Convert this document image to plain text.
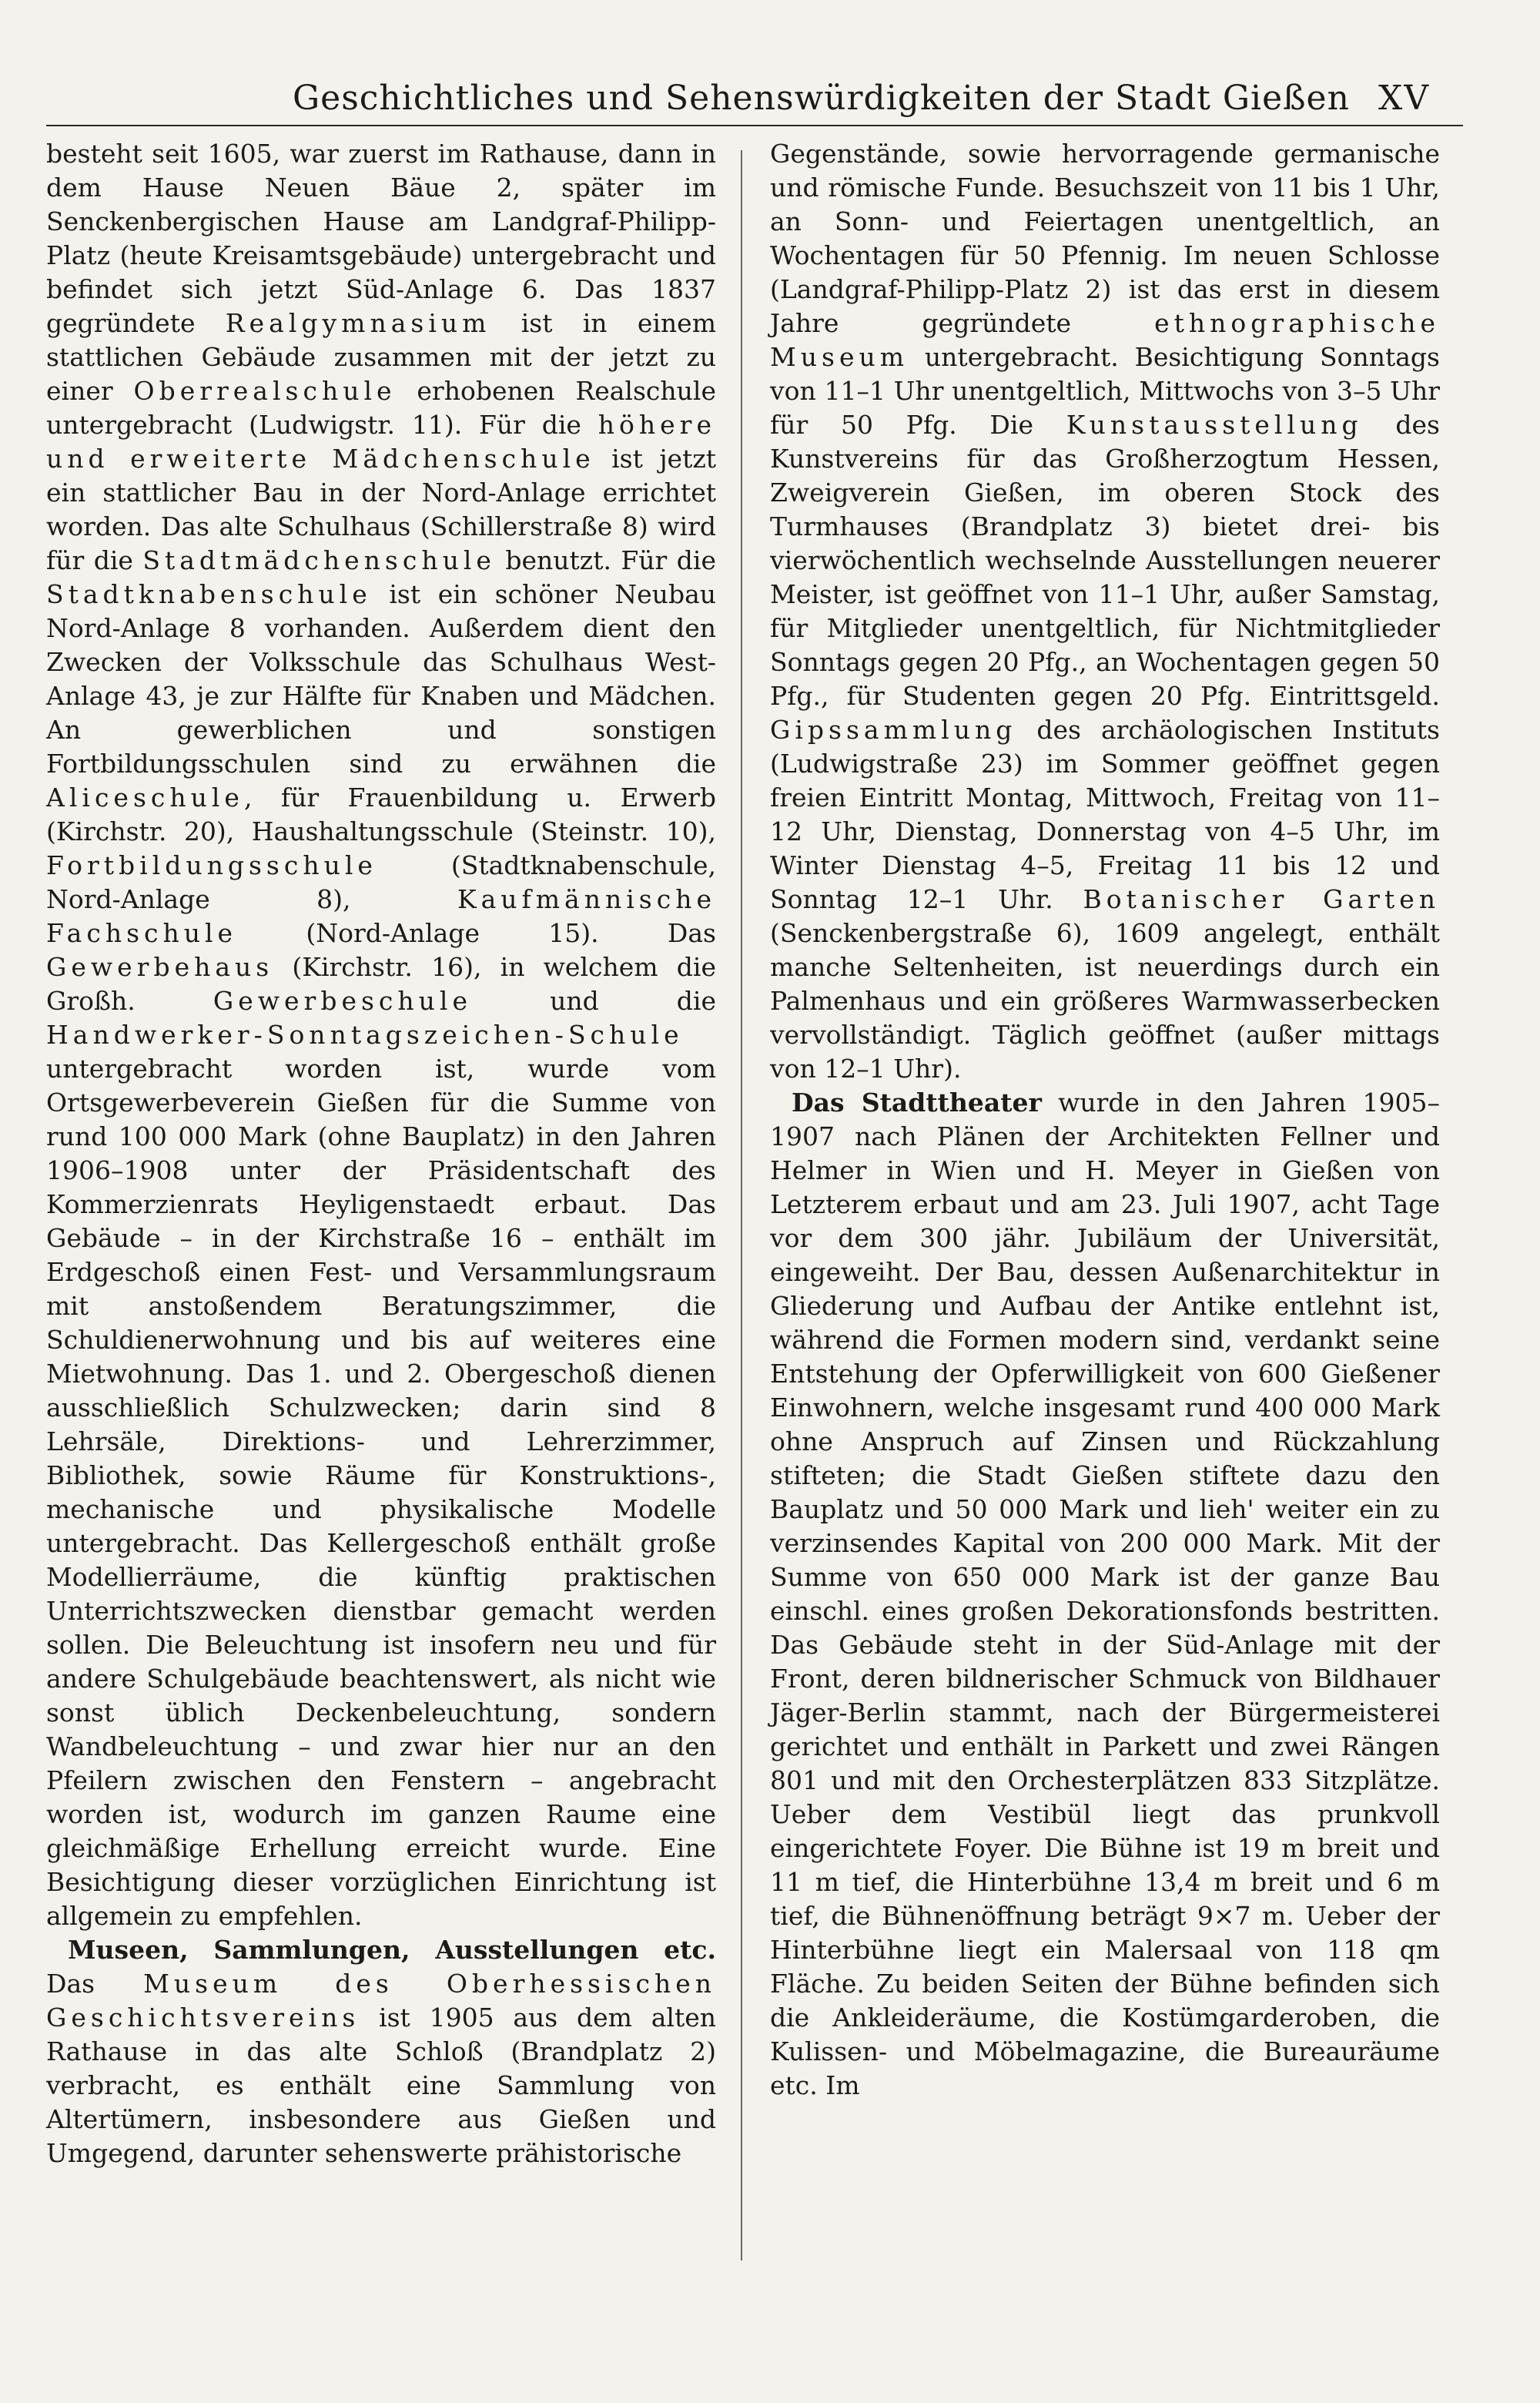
Geschichtliches und Sehenswürdigkeiten der Stadt Gießen XV

besteht seit 1605, war zuerst im Rathause, dann in dem Hause Neuen Bäue 2, später im Senckenbergischen Hause am Landgraf-Philipp-Platz (heute Kreisamtsgebäude) untergebracht und befindet sich jetzt Süd-Anlage 6. Das 1837 gegründete Realgymnasium ist in einem stattlichen Gebäude zusammen mit der jetzt zu einer Oberrealschule erhobenen Realschule untergebracht (Ludwigstr. 11). Für die höhere und erweiterte Mädchenschule ist jetzt ein stattlicher Bau in der Nord-Anlage errichtet worden. Das alte Schulhaus (Schillerstraße 8) wird für die Stadtmädchenschule benutzt. Für die Stadtknabenschule ist ein schöner Neubau Nord-Anlage 8 vorhanden. Außerdem dient den Zwecken der Volksschule das Schulhaus West-Anlage 43, je zur Hälfte für Knaben und Mädchen. An gewerblichen und sonstigen Fortbildungsschulen sind zu erwähnen die Aliceschule, für Frauenbildung u. Erwerb (Kirchstr. 20), Haushaltungsschule (Steinstr. 10), Fortbildungsschule (Stadtknabenschule, Nord-Anlage 8), Kaufmännische Fachschule (Nord-Anlage 15). Das Gewerbehaus (Kirchstr. 16), in welchem die Großh. Gewerbeschule und die Handwerker-Sonntagszeichen-Schule untergebracht worden ist, wurde vom Ortsgewerbeverein Gießen für die Summe von rund 100 000 Mark (ohne Bauplatz) in den Jahren 1906–1908 unter der Präsidentschaft des Kommerzienrats Heyligenstaedt erbaut. Das Gebäude – in der Kirchstraße 16 – enthält im Erdgeschoß einen Fest- und Versammlungsraum mit anstoßendem Beratungszimmer, die Schuldienerwohnung und bis auf weiteres eine Mietwohnung. Das 1. und 2. Obergeschoß dienen ausschließlich Schulzwecken; darin sind 8 Lehrsäle, Direktions- und Lehrerzimmer, Bibliothek, sowie Räume für Konstruktions-, mechanische und physikalische Modelle untergebracht. Das Kellergeschoß enthält große Modellierräume, die künftig praktischen Unterrichtszwecken dienstbar gemacht werden sollen. Die Beleuchtung ist insofern neu und für andere Schulgebäude beachtenswert, als nicht wie sonst üblich Deckenbeleuchtung, sondern Wandbeleuchtung – und zwar hier nur an den Pfeilern zwischen den Fenstern – angebracht worden ist, wodurch im ganzen Raume eine gleichmäßige Erhellung erreicht wurde. Eine Besichtigung dieser vorzüglichen Einrichtung ist allgemein zu empfehlen.

Museen, Sammlungen, Ausstellungen etc. Das Museum des Oberhessischen Geschichtsvereins ist 1905 aus dem alten Rathause in das alte Schloß (Brandplatz 2) verbracht, es enthält eine Sammlung von Altertümern, insbesondere aus Gießen und Umgegend, darunter sehenswerte prähistorische

Gegenstände, sowie hervorragende germanische und römische Funde. Besuchszeit von 11 bis 1 Uhr, an Sonn- und Feiertagen unentgeltlich, an Wochentagen für 50 Pfennig. Im neuen Schlosse (Landgraf-Philipp-Platz 2) ist das erst in diesem Jahre gegründete ethnographische Museum untergebracht. Besichtigung Sonntags von 11–1 Uhr unentgeltlich, Mittwochs von 3–5 Uhr für 50 Pfg. Die Kunstausstellung des Kunstvereins für das Großherzogtum Hessen, Zweigverein Gießen, im oberen Stock des Turmhauses (Brandplatz 3) bietet drei- bis vierwöchentlich wechselnde Ausstellungen neuerer Meister, ist geöffnet von 11–1 Uhr, außer Samstag, für Mitglieder unentgeltlich, für Nichtmitglieder Sonntags gegen 20 Pfg., an Wochentagen gegen 50 Pfg., für Studenten gegen 20 Pfg. Eintrittsgeld. Gipssammlung des archäologischen Instituts (Ludwigstraße 23) im Sommer geöffnet gegen freien Eintritt Montag, Mittwoch, Freitag von 11–12 Uhr, Dienstag, Donnerstag von 4–5 Uhr, im Winter Dienstag 4–5, Freitag 11 bis 12 und Sonntag 12–1 Uhr. Botanischer Garten (Senckenbergstraße 6), 1609 angelegt, enthält manche Seltenheiten, ist neuerdings durch ein Palmenhaus und ein größeres Warmwasserbecken vervollständigt. Täglich geöffnet (außer mittags von 12–1 Uhr).

Das Stadttheater wurde in den Jahren 1905–1907 nach Plänen der Architekten Fellner und Helmer in Wien und H. Meyer in Gießen von Letzterem erbaut und am 23. Juli 1907, acht Tage vor dem 300 jähr. Jubiläum der Universität, eingeweiht. Der Bau, dessen Außenarchitektur in Gliederung und Aufbau der Antike entlehnt ist, während die Formen modern sind, verdankt seine Entstehung der Opferwilligkeit von 600 Gießener Einwohnern, welche insgesamt rund 400 000 Mark ohne Anspruch auf Zinsen und Rückzahlung stifteten; die Stadt Gießen stiftete dazu den Bauplatz und 50 000 Mark und lieh' weiter ein zu verzinsendes Kapital von 200 000 Mark. Mit der Summe von 650 000 Mark ist der ganze Bau einschl. eines großen Dekorationsfonds bestritten. Das Gebäude steht in der Süd-Anlage mit der Front, deren bildnerischer Schmuck von Bildhauer Jäger-Berlin stammt, nach der Bürgermeisterei gerichtet und enthält in Parkett und zwei Rängen 801 und mit den Orchesterplätzen 833 Sitzplätze. Ueber dem Vestibül liegt das prunkvoll eingerichtete Foyer. Die Bühne ist 19 m breit und 11 m tief, die Hinterbühne 13,4 m breit und 6 m tief, die Bühnenöffnung beträgt 9×7 m. Ueber der Hinterbühne liegt ein Malersaal von 118 qm Fläche. Zu beiden Seiten der Bühne befinden sich die Ankleideräume, die Kostümgarderoben, die Kulissen- und Möbelmagazine, die Bureauräume etc. Im
